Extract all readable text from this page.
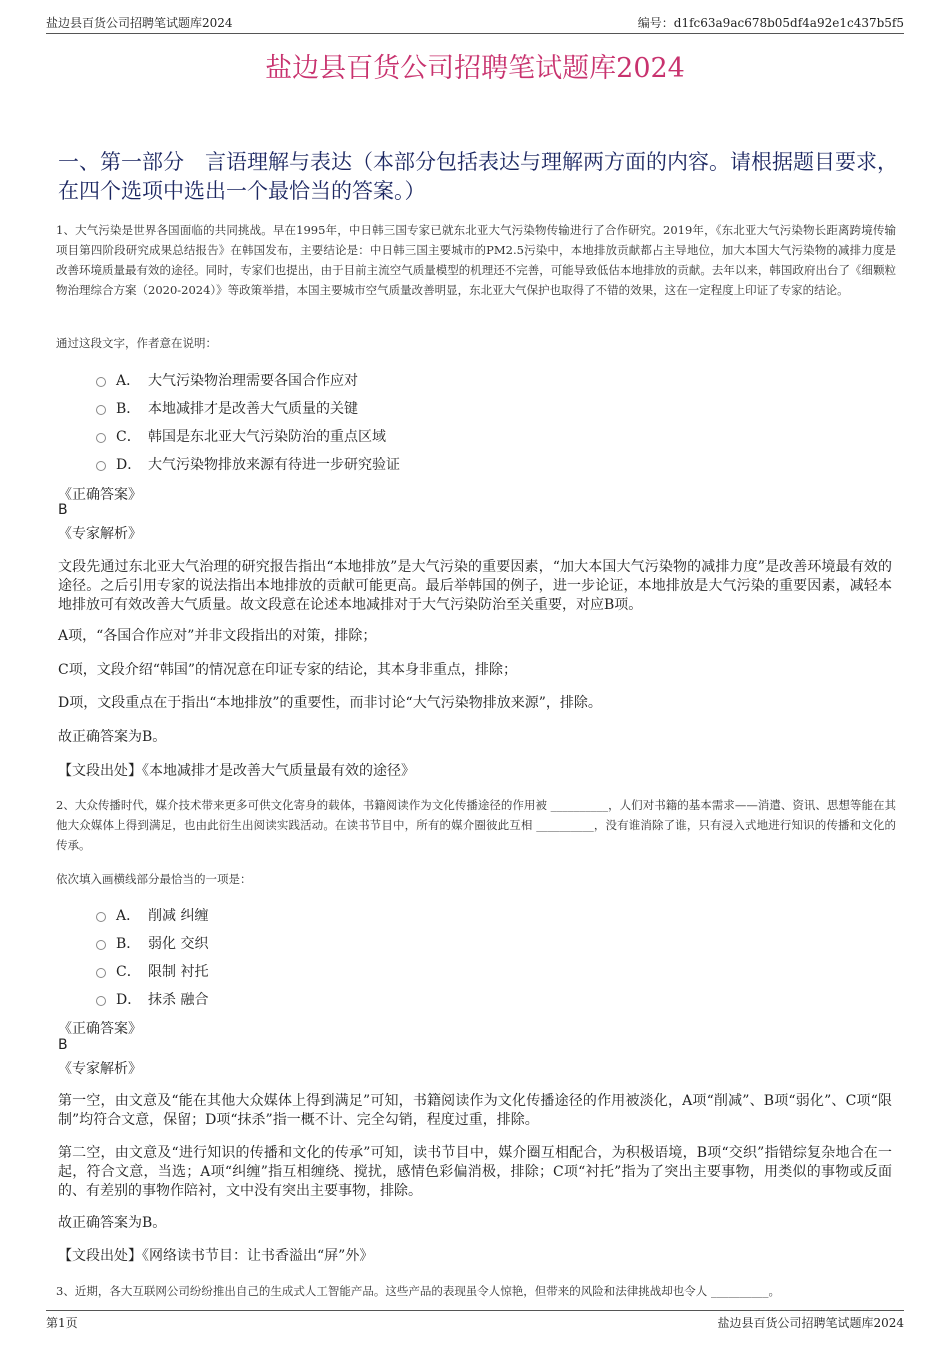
盐边县百货公司招聘笔试题库2024	编号：d1fc63a9ac678b05df4a92e1c437b5f5
盐边县百货公司招聘笔试题库2024
一、第一部分　言语理解与表达（本部分包括表达与理解两方面的内容。请根据题目要求，在四个选项中选出一个最恰当的答案。）
1、大气污染是世界各国面临的共同挑战。早在1995年，中日韩三国专家已就东北亚大气污染物传输进行了合作研究。2019年，《东北亚大气污染物长距离跨境传输项目第四阶段研究成果总结报告》在韩国发布，主要结论是：中日韩三国主要城市的PM2.5污染中，本地排放贡献都占主导地位，加大本国大气污染物的减排力度是改善环境质量最有效的途径。同时，专家们也提出，由于目前主流空气质量模型的机理还不完善，可能导致低估本地排放的贡献。去年以来，韩国政府出台了《细颗粒物治理综合方案（2020-2024）》等政策举措，本国主要城市空气质量改善明显，东北亚大气保护也取得了不错的效果，这在一定程度上印证了专家的结论。
通过这段文字，作者意在说明：
A． 大气污染物治理需要各国合作应对
B． 本地减排才是改善大气质量的关键
C． 韩国是东北亚大气污染防治的重点区域
D． 大气污染物排放来源有待进一步研究验证
《正确答案》
B
《专家解析》
文段先通过东北亚大气治理的研究报告指出“本地排放”是大气污染的重要因素，“加大本国大气污染物的减排力度”是改善环境最有效的途径。之后引用专家的说法指出本地排放的贡献可能更高。最后举韩国的例子，进一步论证，本地排放是大气污染的重要因素，减轻本地排放可有效改善大气质量。故文段意在论述本地减排对于大气污染防治至关重要，对应B项。
A项，“各国合作应对”并非文段指出的对策，排除；
C项，文段介绍“韩国”的情况意在印证专家的结论，其本身非重点，排除；
D项，文段重点在于指出“本地排放”的重要性，而非讨论“大气污染物排放来源”，排除。
故正确答案为B。
【文段出处】《本地减排才是改善大气质量最有效的途径》
2、大众传播时代，媒介技术带来更多可供文化寄身的载体，书籍阅读作为文化传播途径的作用被 __________，人们对书籍的基本需求——消遣、资讯、思想等能在其他大众媒体上得到满足，也由此衍生出阅读实践活动。在读书节目中，所有的媒介圈彼此互相 __________，没有谁消除了谁，只有浸入式地进行知识的传播和文化的传承。
依次填入画横线部分最恰当的一项是：
A． 削减 纠缠
B． 弱化 交织
C． 限制 衬托
D． 抹杀 融合
《正确答案》
B
《专家解析》
第一空，由文意及“能在其他大众媒体上得到满足”可知，书籍阅读作为文化传播途径的作用被淡化，A项“削减”、B项“弱化”、C项“限制”均符合文意，保留；D项“抹杀”指一概不计、完全勾销，程度过重，排除。
第二空，由文意及“进行知识的传播和文化的传承”可知，读书节目中，媒介圈互相配合，为积极语境，B项“交织”指错综复杂地合在一起，符合文意，当选；A项“纠缠”指互相缠绕、搅扰，感情色彩偏消极，排除；C项“衬托”指为了突出主要事物，用类似的事物或反面的、有差别的事物作陪衬，文中没有突出主要事物，排除。
故正确答案为B。
【文段出处】《网络读书节目：让书香溢出“屏”外》
3、近期，各大互联网公司纷纷推出自己的生成式人工智能产品。这些产品的表现虽令人惊艳，但带来的风险和法律挑战却也令人 __________。
第1页	盐边县百货公司招聘笔试题库2024
